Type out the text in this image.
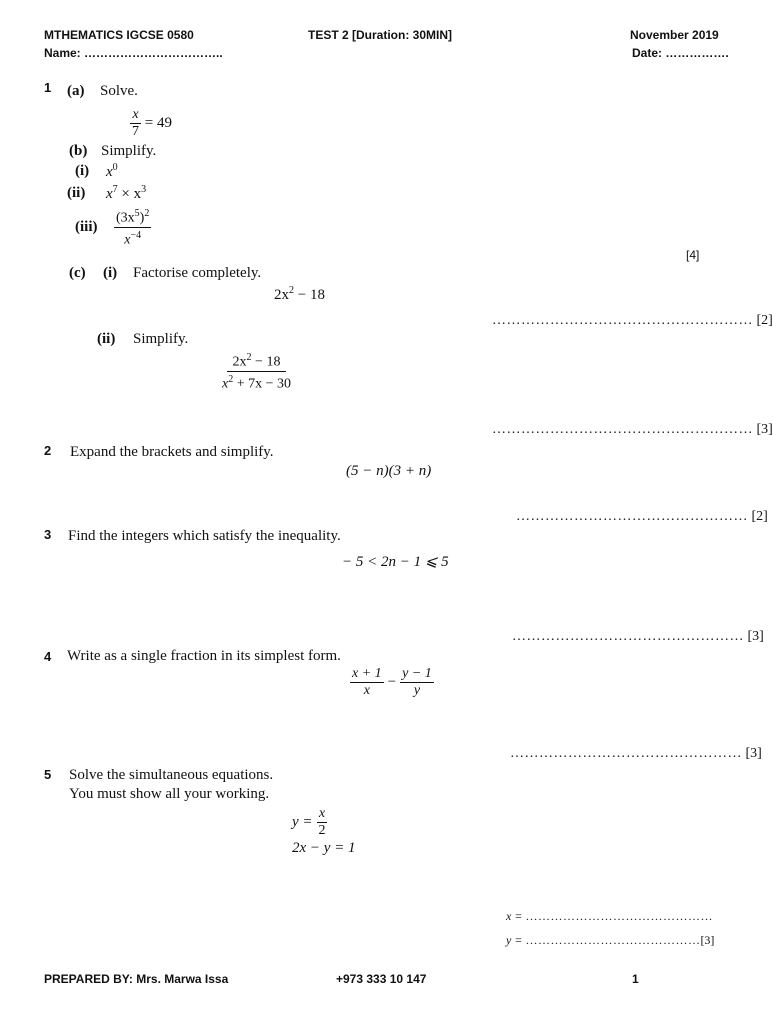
MTHEMATICS IGCSE 0580
Name: ……………………………..
TEST 2 [Duration: 30MIN]	November 2019
Date: …………….
1 (a) Solve.
$\frac{x}{7} = 49$
(b) Simplify.
(i) $x^0$
(ii) $x^7 \times x^3$
$(iii) \frac{(3x^5)^2}{x^{-4}}$
[4]
(c) (i) Factorise completely.
$2x^2 - 18$
……………………………………………… [2]
(ii) Simplify.
$\frac{2x^2 - 18}{x^2 + 7x - 30}$
……………………………………………… [3]
2 Expand the brackets and simplify.
(5 − n)(3 + n)
………………………………………… [2]
3 Find the integers which satisfy the inequality.
− 5 < 2n − 1 ⩽ 5
………………………………………… [3]
4 Write as a single fraction in its simplest form.
$\frac{x + 1}{x} - \frac{y - 1}{y}$
………………………………………… [3]
5 Solve the simultaneous equations.
You must show all your working.
$y = \frac{x}{2}$
2x − y = 1
x = ………………………………………
y = ……………………………………[3]
PREPARED BY: Mrs. Marwa Issa	+973 333 10 147	1
